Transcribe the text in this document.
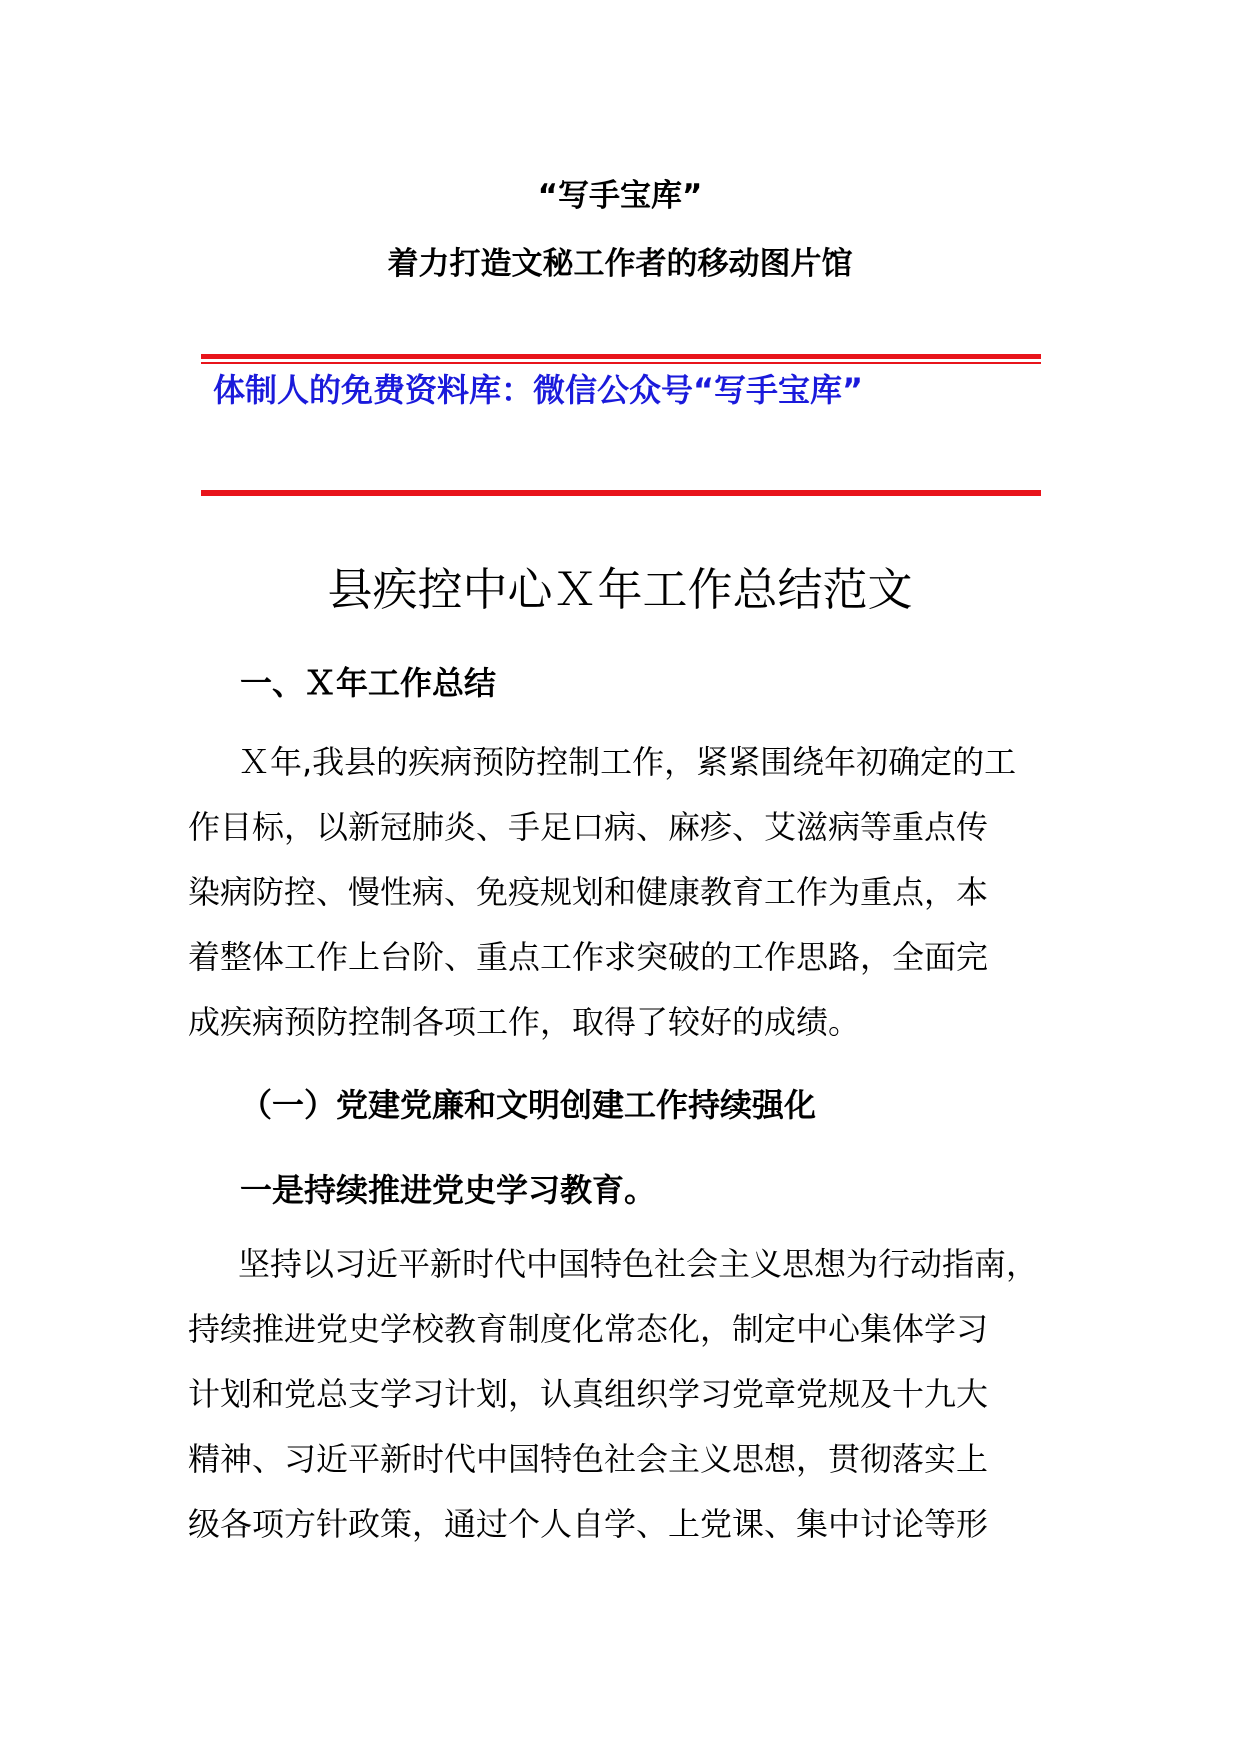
“写手宝库”
着力打造文秘工作者的移动图片馆
体制人的免费资料库：微信公众号“写手宝库”
县疾控中心Ｘ年工作总结范文
一、Ｘ年工作总结
Ｘ年,我县的疾病预防控制工作，紧紧围绕年初确定的工
作目标，以新冠肺炎、手足口病、麻疹、艾滋病等重点传
染病防控、慢性病、免疫规划和健康教育工作为重点，本
着整体工作上台阶、重点工作求突破的工作思路，全面完
成疾病预防控制各项工作，取得了较好的成绩。
（一）党建党廉和文明创建工作持续强化
一是持续推进党史学习教育。
坚持以习近平新时代中国特色社会主义思想为行动指南，
持续推进党史学校教育制度化常态化，制定中心集体学习
计划和党总支学习计划，认真组织学习党章党规及十九大
精神、习近平新时代中国特色社会主义思想，贯彻落实上
级各项方针政策，通过个人自学、上党课、集中讨论等形
